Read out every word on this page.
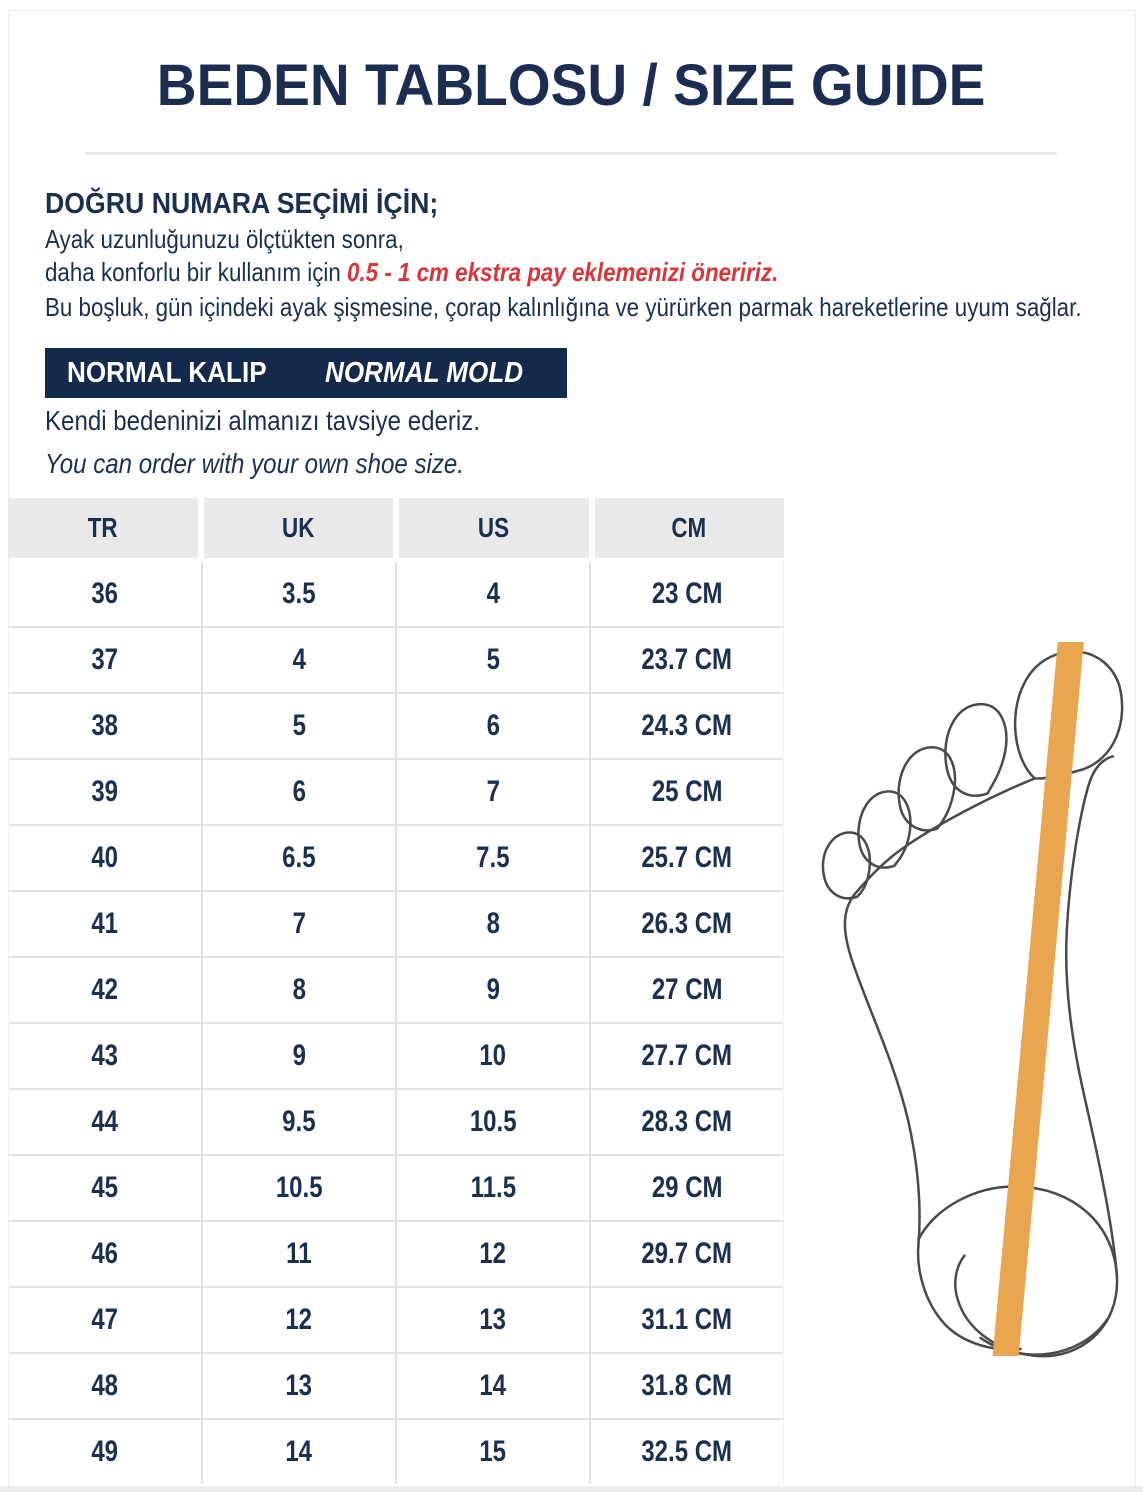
BEDEN TABLOSU / SIZE GUIDE
DOĞRU NUMARA SEÇİMİ İÇİN;
Ayak uzunluğunuzu ölçtükten sonra,
daha konforlu bir kullanım için 0.5 - 1 cm ekstra pay eklemenizi öneririz.
Bu boşluk, gün içindeki ayak şişmesine, çorap kalınlığına ve yürürken parmak hareketlerine uyum sağlar.
NORMAL KALIP	NORMAL MOLD
Kendi bedeninizi almanızı tavsiye ederiz.
You can order with your own shoe size.
TR	UK	US	CM
36	3.5	4	23 CM
37	4	5	23.7 CM
38	5	6	24.3 CM
39	6	7	25 CM
40	6.5	7.5	25.7 CM
41	7	8	26.3 CM
42	8	9	27 CM
43	9	10	27.7 CM
44	9.5	10.5	28.3 CM
45	10.5	11.5	29 CM
46	11	12	29.7 CM
47	12	13	31.1 CM
48	13	14	31.8 CM
49	14	15	32.5 CM
